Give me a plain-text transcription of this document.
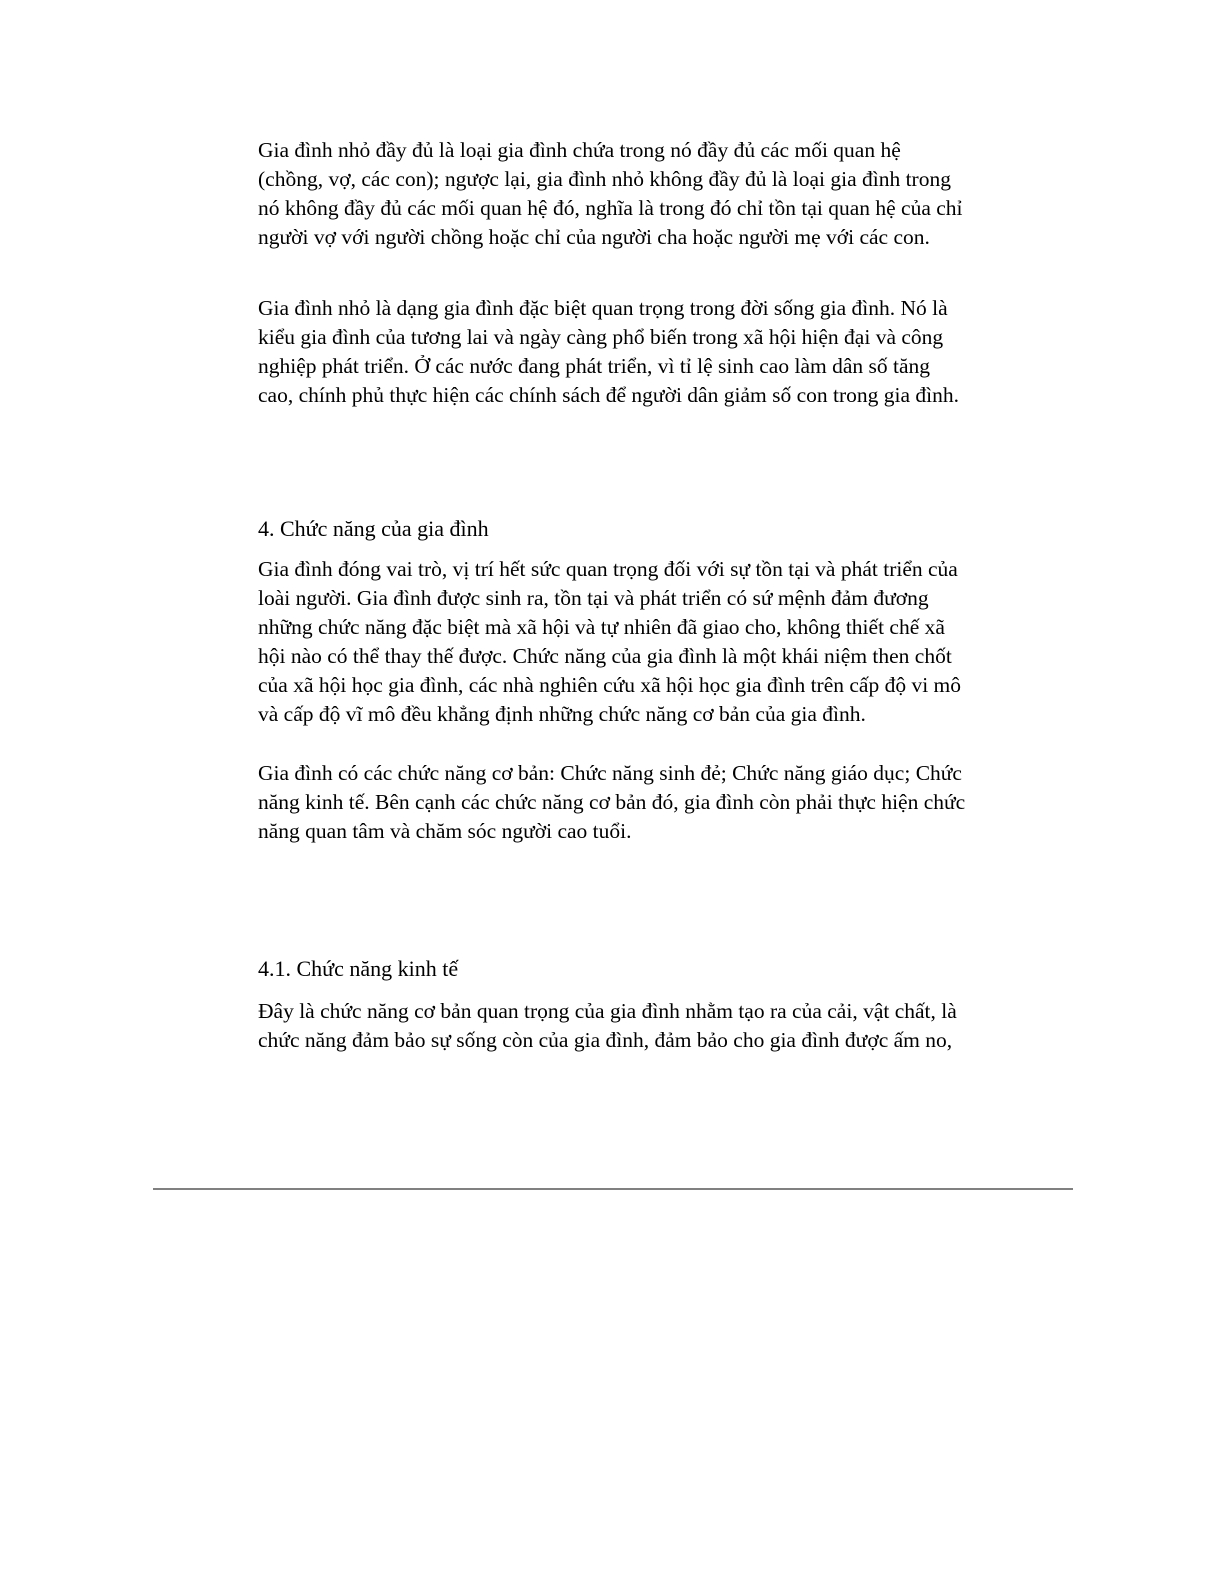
Gia đình nhỏ đầy đủ là loại gia đình chứa trong nó đầy đủ các mối quan hệ (chồng, vợ, các con); ngược lại, gia đình nhỏ không đầy đủ là loại gia đình trong nó không đầy đủ các mối quan hệ đó, nghĩa là trong đó chỉ tồn tại quan hệ của chỉ người vợ với người chồng hoặc chỉ của người cha hoặc người mẹ với các con.

Gia đình nhỏ là dạng gia đình đặc biệt quan trọng trong đời sống gia đình. Nó là kiểu gia đình của tương lai và ngày càng phổ biến trong xã hội hiện đại và công nghiệp phát triển. Ở các nước đang phát triển, vì tỉ lệ sinh cao làm dân số tăng cao, chính phủ thực hiện các chính sách để người dân giảm số con trong gia đình.

4. Chức năng của gia đình

Gia đình đóng vai trò, vị trí hết sức quan trọng đối với sự tồn tại và phát triển của loài người. Gia đình được sinh ra, tồn tại và phát triển có sứ mệnh đảm đương những chức năng đặc biệt mà xã hội và tự nhiên đã giao cho, không thiết chế xã hội nào có thể thay thế được. Chức năng của gia đình là một khái niệm then chốt của xã hội học gia đình, các nhà nghiên cứu xã hội học gia đình trên cấp độ vi mô và cấp độ vĩ mô đều khẳng định những chức năng cơ bản của gia đình.

Gia đình có các chức năng cơ bản: Chức năng sinh đẻ; Chức năng giáo dục; Chức năng kinh tế. Bên cạnh các chức năng cơ bản đó, gia đình còn phải thực hiện chức năng quan tâm và chăm sóc người cao tuổi.

4.1. Chức năng kinh tế

Đây là chức năng cơ bản quan trọng của gia đình nhằm tạo ra của cải, vật chất, là chức năng đảm bảo sự sống còn của gia đình, đảm bảo cho gia đình được ấm no,
